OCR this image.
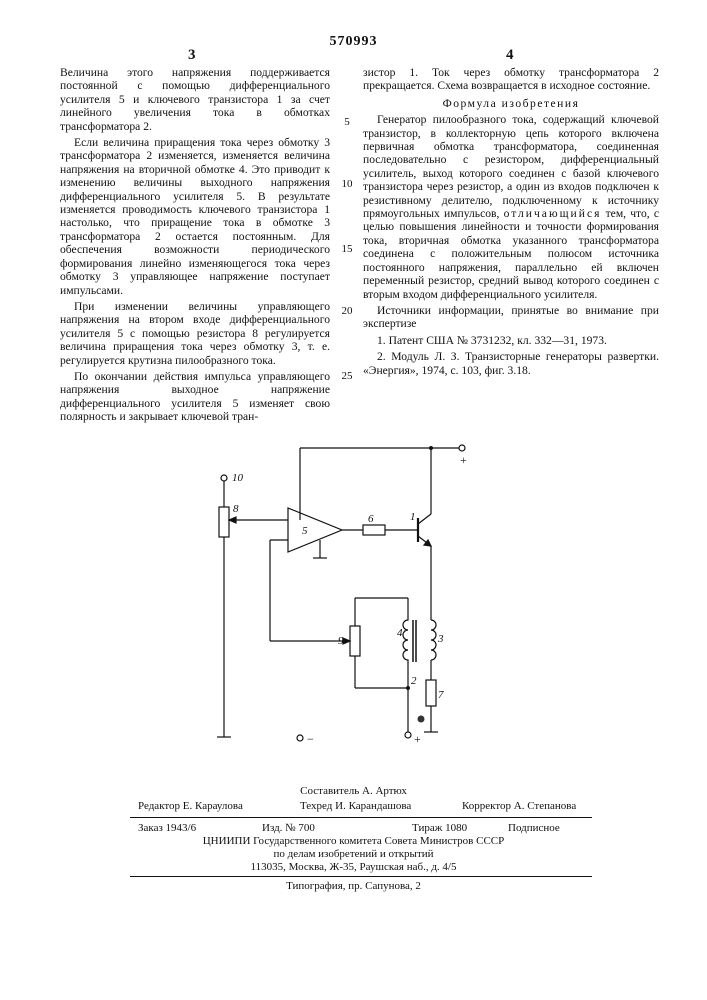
570993
3	4

Величина этого напряжения поддерживается постоянной с помощью дифференциального усилителя 5 и ключевого транзистора 1 за счет линейного увеличения тока в обмотках трансформатора 2.

Если величина приращения тока через обмотку 3 трансформатора 2 изменяется, изменяется величина напряжения на вторичной обмотке 4. Это приводит к изменению величины выходного напряжения дифференциального усилителя 5. В результате изменяется проводимость ключевого транзистора 1 настолько, что приращение тока в обмотке 3 трансформатора 2 остается постоянным. Для обеспечения возможности периодического формирования линейно изменяющегося тока через обмотку 3 управляющее напряжение поступает импульсами.

При изменении величины управляющего напряжения на втором входе дифференциального усилителя 5 с помощью резистора 8 регулируется величина приращения тока через обмотку 3, т. е. регулируется крутизна пилообразного тока.

По окончании действия импульса управляющего напряжения выходное напряжение дифференциального усилителя 5 изменяет свою полярность и закрывает ключевой тран-

5
10
15
20
25

зистор 1. Ток через обмотку трансформатора 2 прекращается. Схема возвращается в исходное состояние.

Формула изобретения

Генератор пилообразного тока, содержащий ключевой транзистор, в коллекторную цепь которого включена первичная обмотка трансформатора, соединенная последовательно с резистором, дифференциальный усилитель, выход которого соединен с базой ключевого транзистора через резистор, а один из входов подключен к резистивному делителю, подключенному к источнику прямоугольных импульсов, отличающийся тем, что, с целью повышения линейности и точности формирования тока, вторичная обмотка указанного трансформатора соединена с положительным полюсом источника постоянного напряжения, параллельно ей включен переменный резистор, средний вывод которого соединен с вторым входом дифференциального усилителя.

Источники информации, принятые во внимание при экспертизе

1. Патент США № 3731232, кл. 332—31, 1973.

2. Модуль Л. З. Транзисторные генераторы развертки. «Энергия», 1974, с. 103, фиг. 3.18.

10
8
5
6	1
4	3
9
2
7
+
−	+
Составитель А. Артюх
Редактор Е. Караулова	Техред И. Карандашова	Корректор А. Степанова
Заказ 1943/6	Изд. № 700	Тираж 1080	Подписное
ЦНИИПИ Государственного комитета Совета Министров СССР
по делам изобретений и открытий
113035, Москва, Ж-35, Раушская наб., д. 4/5
Типография, пр. Сапунова, 2
